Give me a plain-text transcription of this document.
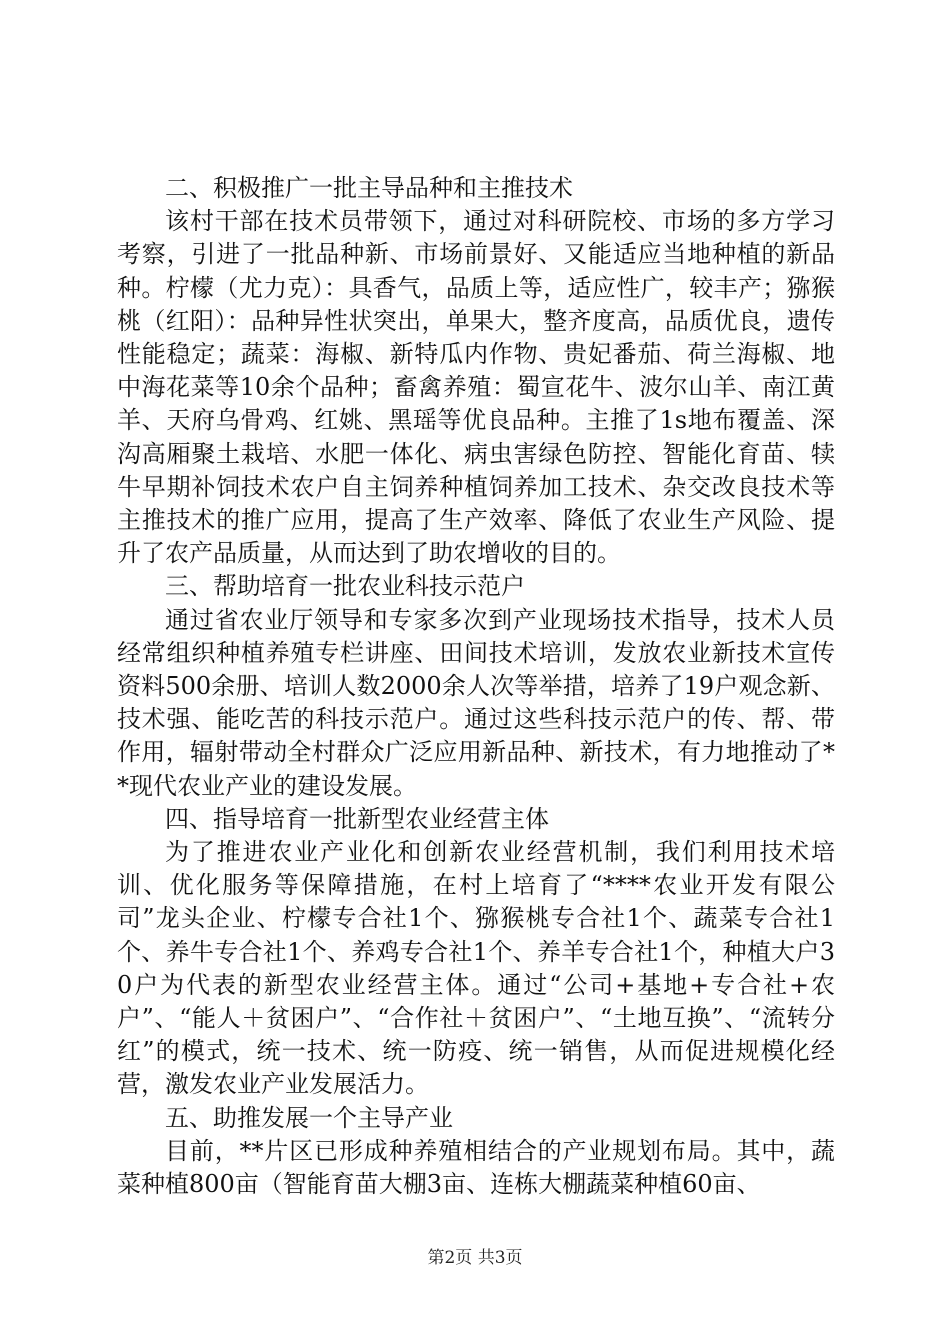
二、积极推广一批主导品种和主推技术

该村干部在技术员带领下，通过对科研院校、市场的多方学习考察，引进了一批品种新、市场前景好、又能适应当地种植的新品种。柠檬（尤力克）：具香气，品质上等，适应性广，较丰产；猕猴桃（红阳）：品种异性状突出，单果大，整齐度高，品质优良，遗传性能稳定；蔬菜：海椒、新特瓜内作物、贵妃番茄、荷兰海椒、地中海花菜等10余个品种；畜禽养殖：蜀宣花牛、波尔山羊、南江黄羊、天府乌骨鸡、红姚、黑瑶等优良品种。主推了1s地布覆盖、深沟高厢聚土栽培、水肥一体化、病虫害绿色防控、智能化育苗、犊牛早期补饲技术农户自主饲养种植饲养加工技术、杂交改良技术等主推技术的推广应用，提高了生产效率、降低了农业生产风险、提升了农产品质量，从而达到了助农增收的目的。

三、帮助培育一批农业科技示范户

通过省农业厅领导和专家多次到产业现场技术指导，技术人员经常组织种植养殖专栏讲座、田间技术培训，发放农业新技术宣传资料500余册、培训人数2000余人次等举措，培养了19户观念新、技术强、能吃苦的科技示范户。通过这些科技示范户的传、帮、带作用，辐射带动全村群众广泛应用新品种、新技术，有力地推动了**现代农业产业的建设发展。

四、指导培育一批新型农业经营主体

为了推进农业产业化和创新农业经营机制，我们利用技术培训、优化服务等保障措施，在村上培育了“****农业开发有限公司”龙头企业、柠檬专合社1个、猕猴桃专合社1个、蔬菜专合社1个、养牛专合社1个、养鸡专合社1个、养羊专合社1个，种植大户30户为代表的新型农业经营主体。通过“公司+基地+专合社+农户”、“能人＋贫困户”、“合作社＋贫困户”、“土地互换”、“流转分红”的模式，统一技术、统一防疫、统一销售，从而促进规模化经营，激发农业产业发展活力。

五、助推发展一个主导产业

目前，**片区已形成种养殖相结合的产业规划布局。其中，蔬菜种植800亩（智能育苗大棚3亩、连栋大棚蔬菜种植60亩、

第2页 共3页
